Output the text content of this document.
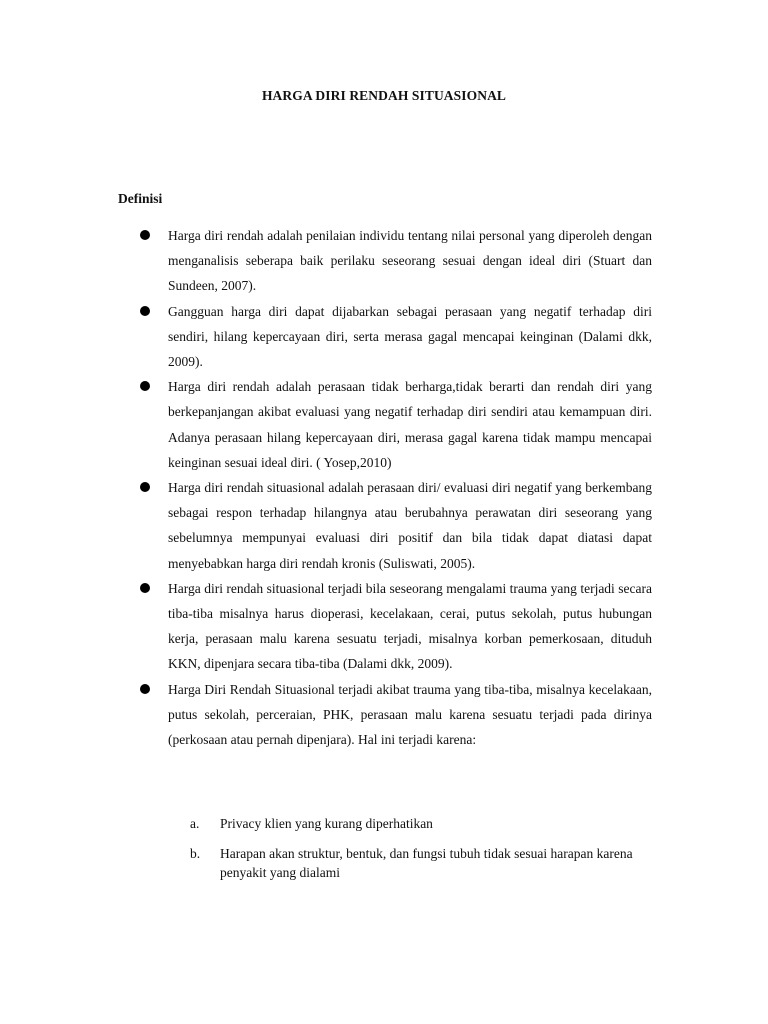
HARGA DIRI RENDAH SITUASIONAL
Definisi
Harga diri rendah adalah penilaian individu tentang nilai personal yang diperoleh dengan menganalisis seberapa baik perilaku seseorang sesuai dengan ideal diri (Stuart dan Sundeen, 2007).
Gangguan harga diri dapat dijabarkan sebagai perasaan yang negatif terhadap diri sendiri, hilang kepercayaan diri, serta merasa gagal mencapai keinginan (Dalami dkk, 2009).
Harga diri rendah adalah perasaan tidak berharga,tidak berarti dan rendah diri yang berkepanjangan akibat evaluasi yang negatif terhadap diri sendiri atau kemampuan diri. Adanya perasaan hilang kepercayaan diri, merasa gagal karena tidak mampu mencapai keinginan sesuai ideal diri. ( Yosep,2010)
Harga diri rendah situasional adalah perasaan diri/ evaluasi diri negatif yang berkembang sebagai respon terhadap hilangnya atau berubahnya perawatan diri seseorang yang sebelumnya mempunyai evaluasi diri positif dan bila tidak dapat diatasi dapat menyebabkan harga diri rendah kronis (Suliswati, 2005).
Harga diri rendah situasional terjadi bila seseorang mengalami trauma yang terjadi secara tiba-tiba misalnya harus dioperasi, kecelakaan, cerai, putus sekolah, putus hubungan kerja, perasaan malu karena sesuatu terjadi, misalnya korban pemerkosaan, dituduh KKN, dipenjara secara tiba-tiba (Dalami dkk, 2009).
Harga Diri Rendah Situasional terjadi akibat trauma yang tiba-tiba, misalnya kecelakaan, putus sekolah, perceraian, PHK, perasaan malu karena sesuatu terjadi pada dirinya (perkosaan atau pernah dipenjara). Hal ini terjadi karena:
a. Privacy klien yang kurang diperhatikan
b. Harapan akan struktur, bentuk, dan fungsi tubuh tidak sesuai harapan karena penyakit yang dialami
